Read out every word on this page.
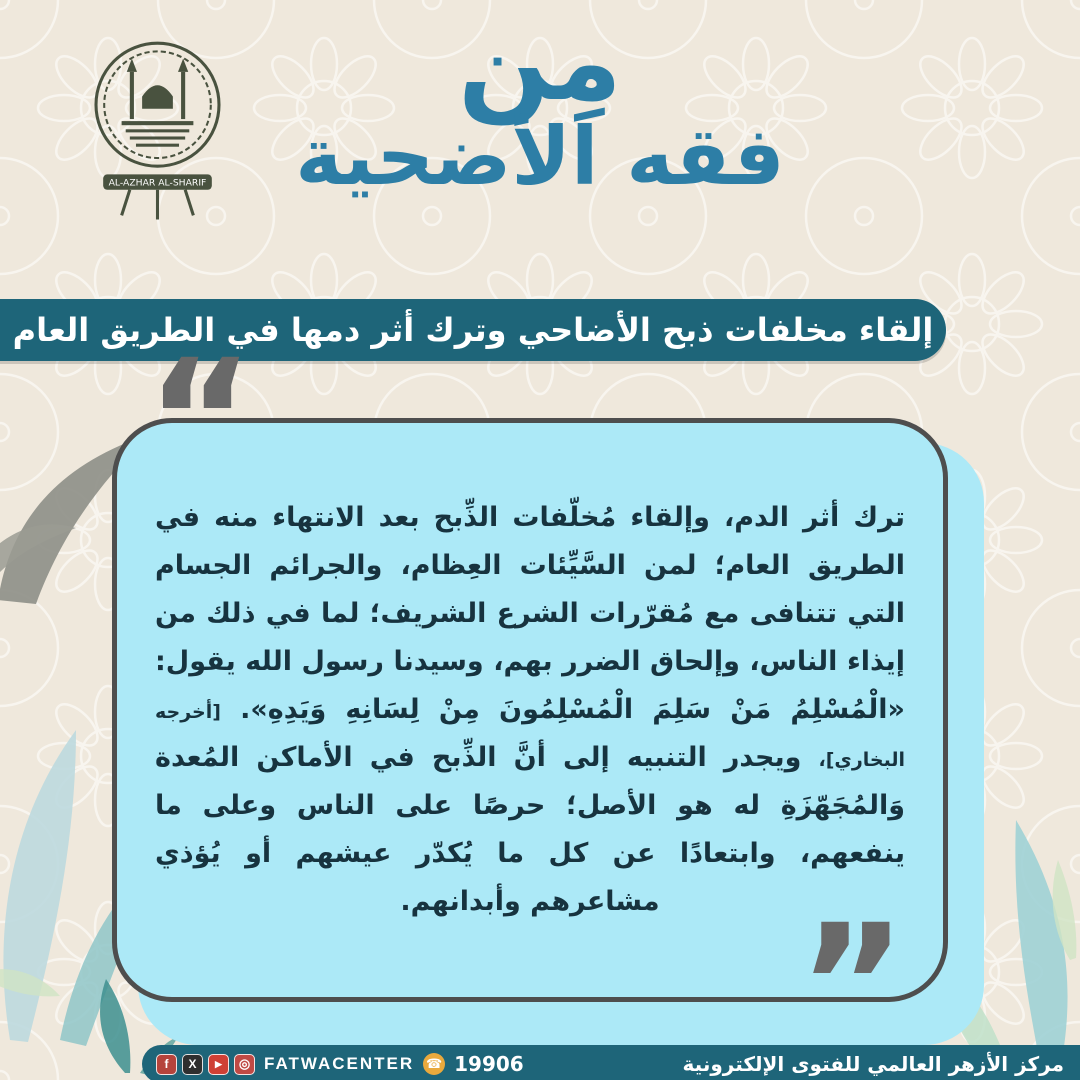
AL-AZHAR AL-SHARIF
مِن
فقه الأضحية
إلقاء مخلفات ذبح الأضاحي وترك أثر دمها في الطريق العام

ترك أثر الدم، وإلقاء مُخلّفات الذِّبح بعد الانتهاء منه في الطريق العام؛ لمن السَّيِّئات العِظام، والجرائم الجسام التي تتنافى مع مُقرّرات الشرع الشريف؛ لما في ذلك من إيذاء الناس، وإلحاق الضرر بهم، وسيدنا رسول الله يقول: «الْمُسْلِمُ مَنْ سَلِمَ الْمُسْلِمُونَ مِنْ لِسَانِهِ وَيَدِهِ». [أخرجه البخاري]، ويجدر التنبيه إلى أنَّ الذِّبح في الأماكن المُعدة وَالمُجَهّزَةِ له هو الأصل؛ حرصًا على الناس وعلى ما ينفعهم، وابتعادًا عن كل ما يُكدّر عيشهم أو يُؤذي مشاعرهم وأبدانهم.

“
”
f	X	▶	◎ FATWACENTER ☎ 19906	مركز الأزهر العالمي للفتوى الإلكترونية
